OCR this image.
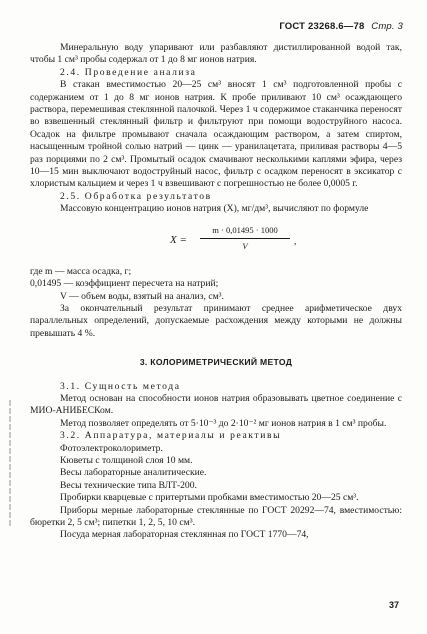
ГОСТ 23268.6—78 Стр. 3

Минеральную воду упаривают или разбавляют дистиллированной водой так, чтобы 1 см³ пробы содержал от 1 до 8 мг ионов натрия.

2.4. Проведение анализа

В стакан вместимостью 20—25 см³ вносят 1 см³ подготовленной пробы с содержанием от 1 до 8 мг ионов натрия. К пробе приливают 10 см³ осаждающего раствора, перемешивая стеклянной палочкой. Через 1 ч содержимое стаканчика переносят во взвешенный стеклянный фильтр и фильтруют при помощи водоструйного насоса. Осадок на фильтре промывают сначала осаждающим раствором, а затем спиртом, насыщенным тройной солью натрий — цинк — уранилацетата, приливая растворы 4—5 раз порциями по 2 см³. Промытый осадок смачивают несколькими каплями эфира, через 10—15 мин выключают водоструйный насос, фильтр с осадком переносят в эксикатор с хлористым кальцием и через 1 ч взвешивают с погрешностью не более 0,0005 г.

2.5. Обработка результатов

Массовую концентрацию ионов натрия (X), мг/дм³, вычисляют по формуле

$X = \frac{m \cdot 0,01495 \cdot 1000}{V}$ ,

где m — масса осадка, г;

0,01495 — коэффициент пересчета на натрий;

V — объем воды, взятый на анализ, см³.

За окончательный результат принимают среднее арифметическое двух параллельных определений, допускаемые расхождения между которыми не должны превышать 4 %.

3. КОЛОРИМЕТРИЧЕСКИЙ МЕТОД

3.1. Сущность метода

Метод основан на способности ионов натрия образовывать цветное соединение с МИО-АНИБЕСКом.

Метод позволяет определять от 5·10⁻³ до 2·10⁻² мг ионов натрия в 1 см³ пробы.

3.2. Аппаратура, материалы и реактивы

Фотоэлектроколориметр.

Кюветы с толщиной слоя 10 мм.

Весы лабораторные аналитические.

Весы технические типа ВЛТ-200.

Пробирки кварцевые с притертыми пробками вместимостью 20—25 см³.

Приборы мерные лабораторные стеклянные по ГОСТ 20292—74, вместимостью: бюретки 2, 5 см³; пипетки 1, 2, 5, 10 см³.

Посуда мерная лабораторная стеклянная по ГОСТ 1770—74,

37
